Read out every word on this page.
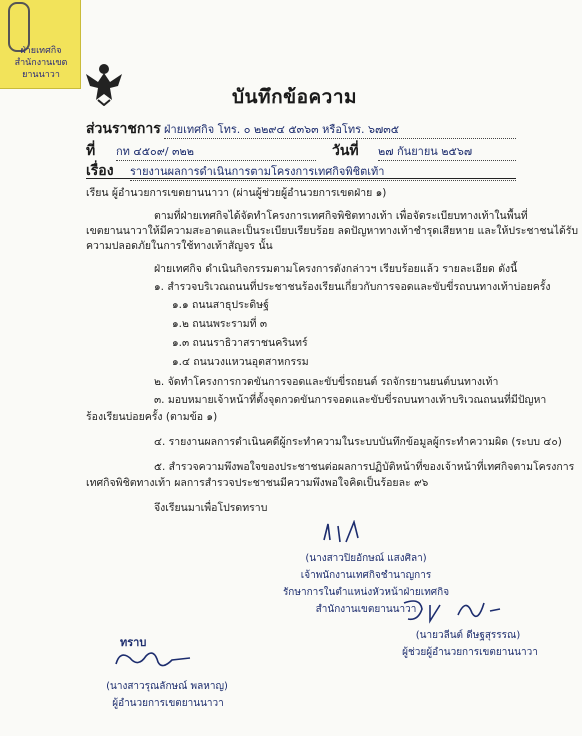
ฝ่ายเทศกิจ
สำนักงานเขต
ยานนาวา
บันทึกข้อความ
ส่วนราชการ ฝ่ายเทศกิจ โทร. ๐ ๒๒๙๔ ๕๓๖๓ หรือโทร. ๖๗๓๕
ที่ กท ๔๕๐๙/ ๓๒๒	วันที่ ๒๗ กันยายน ๒๕๖๗
เรื่อง รายงานผลการดำเนินการตามโครงการเทศกิจพิชิตเท้า
เรียน ผู้อำนวยการเขตยานนาวา (ผ่านผู้ช่วยผู้อำนวยการเขตฝ่าย ๑)
ตามที่ฝ่ายเทศกิจได้จัดทำโครงการเทศกิจพิชิตทางเท้า เพื่อจัดระเบียบทางเท้าในพื้นที่
เขตยานนาวาให้มีความสะอาดและเป็นระเบียบเรียบร้อย ลดปัญหาทางเท้าชำรุดเสียหาย และให้ประชาชนได้รับ
ความปลอดภัยในการใช้ทางเท้าสัญจร นั้น
ฝ่ายเทศกิจ ดำเนินกิจกรรมตามโครงการดังกล่าวฯ เรียบร้อยแล้ว รายละเอียด ดังนี้
๑. สำรวจบริเวณถนนที่ประชาชนร้องเรียนเกี่ยวกับการจอดและขับขี่รถบนทางเท้าบ่อยครั้ง
๑.๑ ถนนสาธุประดิษฐ์
๑.๒ ถนนพระรามที่ ๓
๑.๓ ถนนราธิวาสราชนครินทร์
๑.๔ ถนนวงแหวนอุตสาหกรรม
๒. จัดทำโครงการกวดขันการจอดและขับขี่รถยนต์ รถจักรยานยนต์บนทางเท้า
๓. มอบหมายเจ้าหน้าที่ตั้งจุดกวดขันการจอดและขับขี่รถบนทางเท้าบริเวณถนนที่มีปัญหา
ร้องเรียนบ่อยครั้ง (ตามข้อ ๑)
๔. รายงานผลการดำเนินคดีผู้กระทำความในระบบบันทึกข้อมูลผู้กระทำความผิด (ระบบ ๔๐)
๕. สำรวจความพึงพอใจของประชาชนต่อผลการปฏิบัติหน้าที่ของเจ้าหน้าที่เทศกิจตามโครงการ
เทศกิจพิชิตทางเท้า ผลการสำรวจประชาชนมีความพึงพอใจคิดเป็นร้อยละ ๙๖
จึงเรียนมาเพื่อโปรดทราบ
(นางสาวปิยอักษณ์ แสงศิลา)
เจ้าพนักงานเทศกิจชำนาญการ
รักษาการในตำแหน่งหัวหน้าฝ่ายเทศกิจ
สำนักงานเขตยานนาวา
(นายวลีนต์ ดีษฐสุรรรณ)
ผู้ช่วยผู้อำนวยการเขตยานนาวา
ทราบ
(นางสาวรุณลักษณ์ พลหาญ)
ผู้อำนวยการเขตยานนาวา
